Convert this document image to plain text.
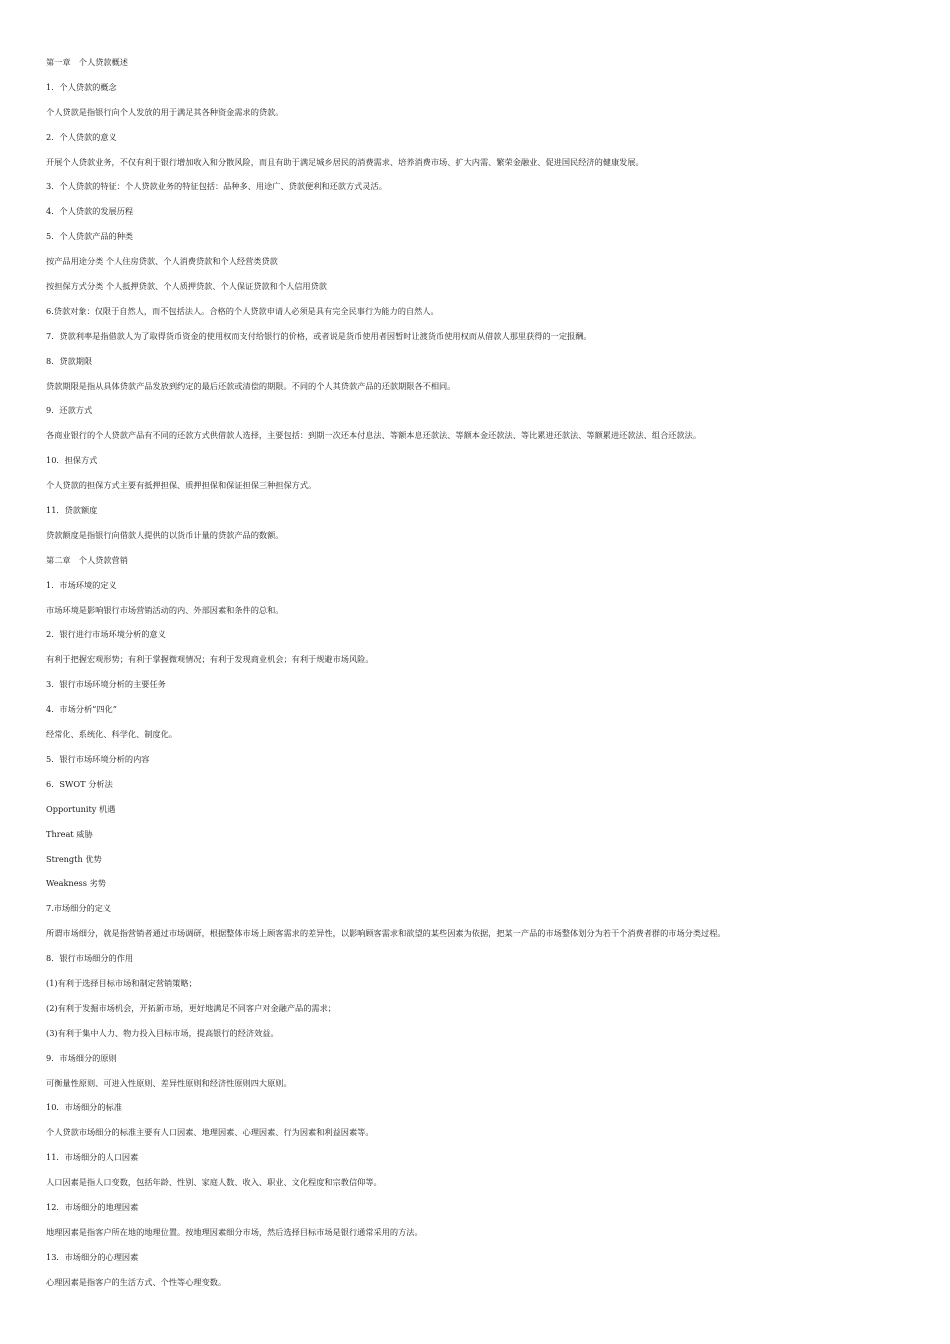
第一章　个人贷款概述
1．个人贷款的概念
个人贷款是指银行向个人发放的用于满足其各种资金需求的贷款。
2．个人贷款的意义
开展个人贷款业务，不仅有利于银行增加收入和分散风险，而且有助于满足城乡居民的消费需求、培养消费市场、扩大内需、繁荣金融业、促进国民经济的健康发展。
3．个人贷款的特征：个人贷款业务的特征包括：品种多、用途广、贷款便利和还款方式灵活。
4．个人贷款的发展历程
5．个人贷款产品的种类
按产品用途分类 个人住房贷款、个人消费贷款和个人经营类贷款
按担保方式分类 个人抵押贷款、个人质押贷款、个人保证贷款和个人信用贷款
6.贷款对象：仅限于自然人，而不包括法人。合格的个人贷款申请人必须是具有完全民事行为能力的自然人。
7．贷款利率是指借款人为了取得货币资金的使用权而支付给银行的价格，或者说是货币使用者因暂时让渡货币使用权而从借款人那里获得的一定报酬。
8．贷款期限
贷款期限是指从具体贷款产品发放到约定的最后还款或清偿的期限。不同的个人其贷款产品的还款期限各不相同。
9．还款方式
各商业银行的个人贷款产品有不同的还款方式供借款人选择，主要包括：到期一次还本付息法、等额本息还款法、等额本金还款法、等比累进还款法、等额累进还款法、组合还款法。
10．担保方式
个人贷款的担保方式主要有抵押担保、质押担保和保证担保三种担保方式。
11．贷款额度
贷款额度是指银行向借款人提供的以货币计量的贷款产品的数额。
第二章　个人贷款营销
1．市场环境的定义
市场环境是影响银行市场营销活动的内、外部因素和条件的总和。
2．银行进行市场环境分析的意义
有利于把握宏观形势；有利于掌握微观情况；有利于发现商业机会；有利于规避市场风险。
3．银行市场环境分析的主要任务
4．市场分析“四化”
经常化、系统化、科学化、制度化。
5．银行市场环境分析的内容
6．SWOT 分析法
Opportunity 机遇
Threat 威胁
Strength 优势
Weakness 劣势
7.市场细分的定义
所谓市场细分，就是指营销者通过市场调研，根据整体市场上顾客需求的差异性，以影响顾客需求和欲望的某些因素为依据，把某一产品的市场整体划分为若干个消费者群的市场分类过程。
8．银行市场细分的作用
(1)有利于选择目标市场和制定营销策略；
(2)有利于发掘市场机会，开拓新市场，更好地满足不同客户对金融产品的需求；
(3)有利于集中人力、物力投入目标市场，提高银行的经济效益。
9．市场细分的原则
可衡量性原则、可进入性原则、差异性原则和经济性原则四大原则。
10．市场细分的标准
个人贷款市场细分的标准主要有人口因素、地理因素、心理因素、行为因素和利益因素等。
11．市场细分的人口因素
人口因素是指人口变数，包括年龄、性别、家庭人数、收入、职业、文化程度和宗教信仰等。
12．市场细分的地理因素
地理因素是指客户所在地的地理位置。按地理因素细分市场，然后选择目标市场是银行通常采用的方法。
13．市场细分的心理因素
心理因素是指客户的生活方式、个性等心理变数。
